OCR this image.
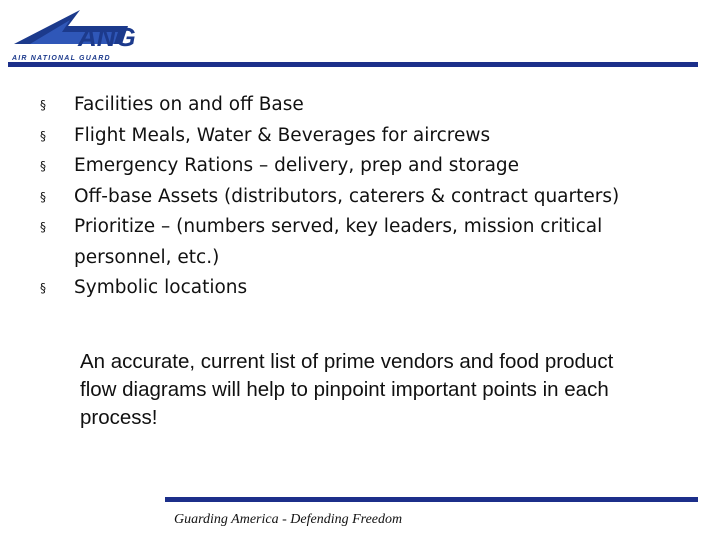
ANG
AIR NATIONAL GUARD
§ Facilities on and off Base
§ Flight Meals, Water & Beverages for aircrews
§ Emergency Rations – delivery, prep and storage
§ Off-base Assets (distributors, caterers & contract quarters)
§ Prioritize – (numbers served, key leaders, mission critical
personnel, etc.)
§ Symbolic locations
An accurate, current list of prime vendors and food product flow diagrams will help to pinpoint important points in each process!
Guarding America - Defending Freedom
